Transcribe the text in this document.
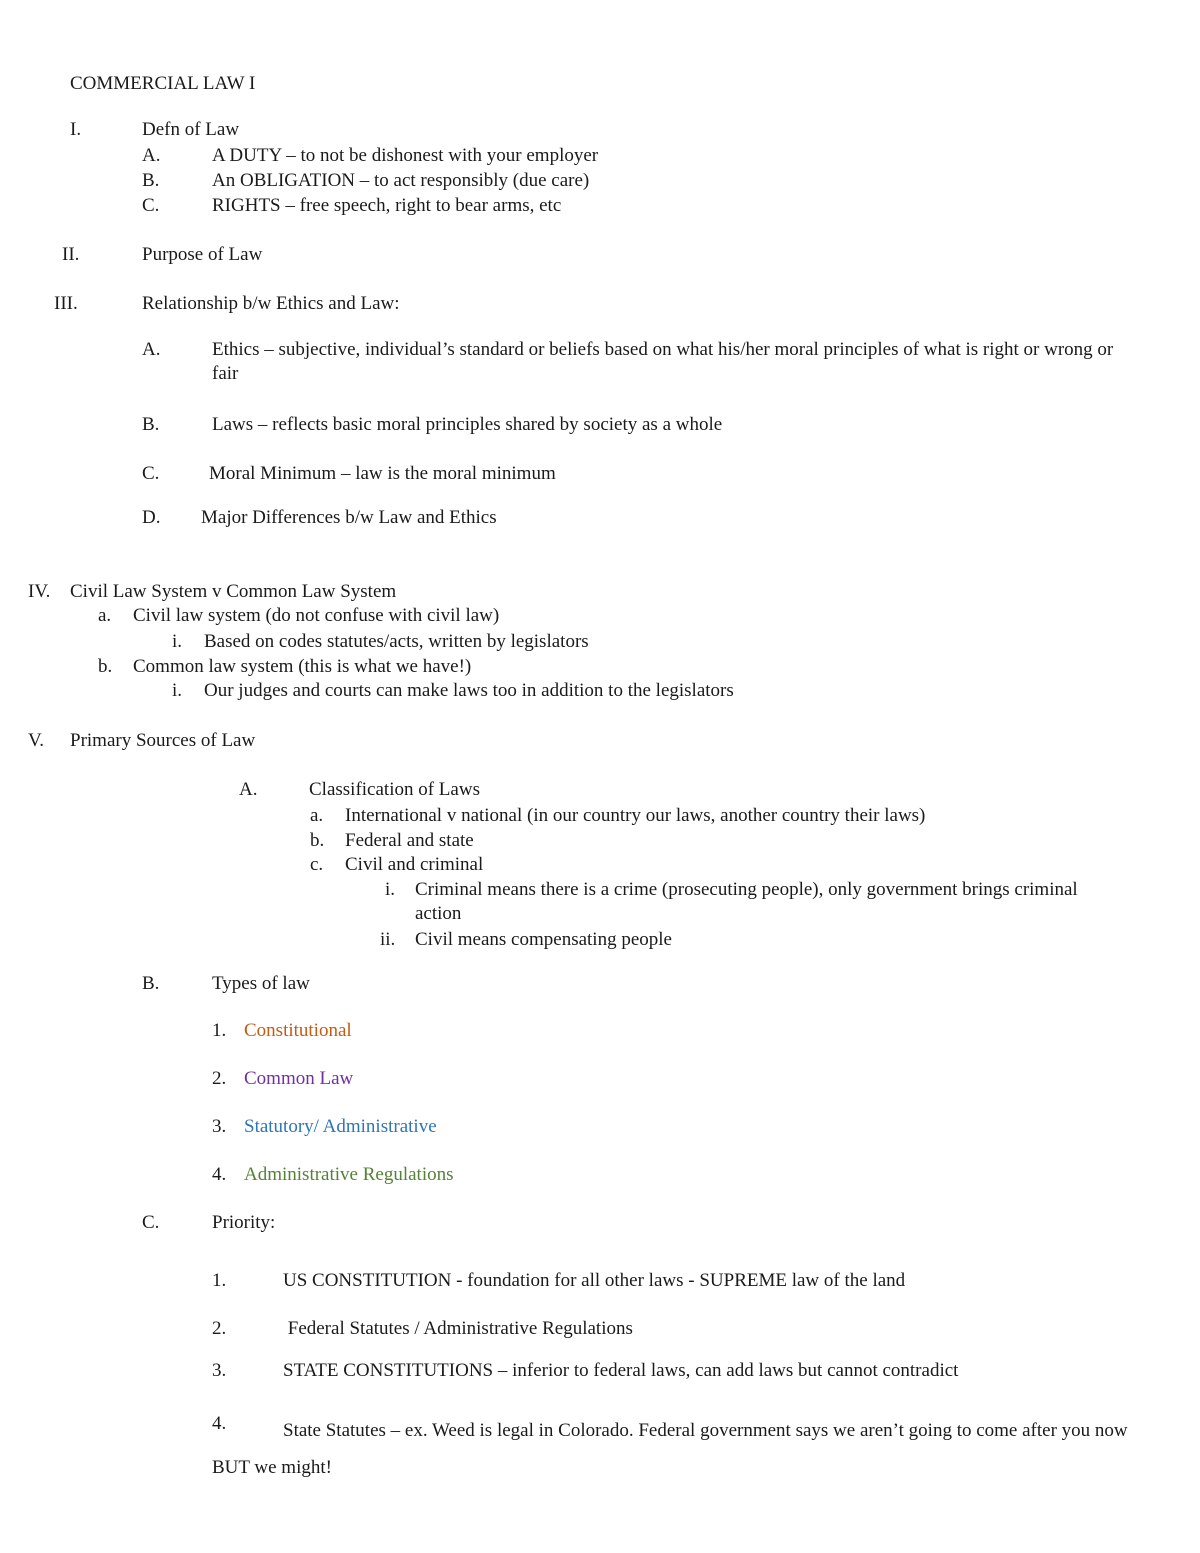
COMMERCIAL LAW I
I.	Defn of Law
A.	A DUTY – to not be dishonest with your employer
B.	An OBLIGATION – to act responsibly (due care)
C.	RIGHTS – free speech, right to bear arms, etc
II.	Purpose of Law
III.	Relationship b/w Ethics and Law:
A.	Ethics – subjective, individual’s standard or beliefs based on what his/her moral principles of what is right or wrong or fair
B.	Laws – reflects basic moral principles shared by society as a whole
C.	Moral Minimum – law is the moral minimum
D. Major Differences b/w Law and Ethics
IV. Civil Law System v Common Law System
a. Civil law system (do not confuse with civil law)
i. Based on codes statutes/acts, written by legislators
b. Common law system (this is what we have!)
i. Our judges and courts can make laws too in addition to the legislators
V. Primary Sources of Law
A.	Classification of Laws
a. International v national (in our country our laws, another country their laws)
b. Federal and state
c. Civil and criminal
i. Criminal means there is a crime (prosecuting people), only government brings criminal action
ii. Civil means compensating people
B.	Types of law
1. Constitutional
2. Common Law
3. Statutory/ Administrative
4. Administrative Regulations
C.	Priority:
1.	US CONSTITUTION - foundation for all other laws - SUPREME law of the land
2.	Federal Statutes / Administrative Regulations
3.	STATE CONSTITUTIONS – inferior to federal laws, can add laws but cannot contradict
4.	State Statutes – ex. Weed is legal in Colorado. Federal government says we aren’t going to come after you now BUT we might!
